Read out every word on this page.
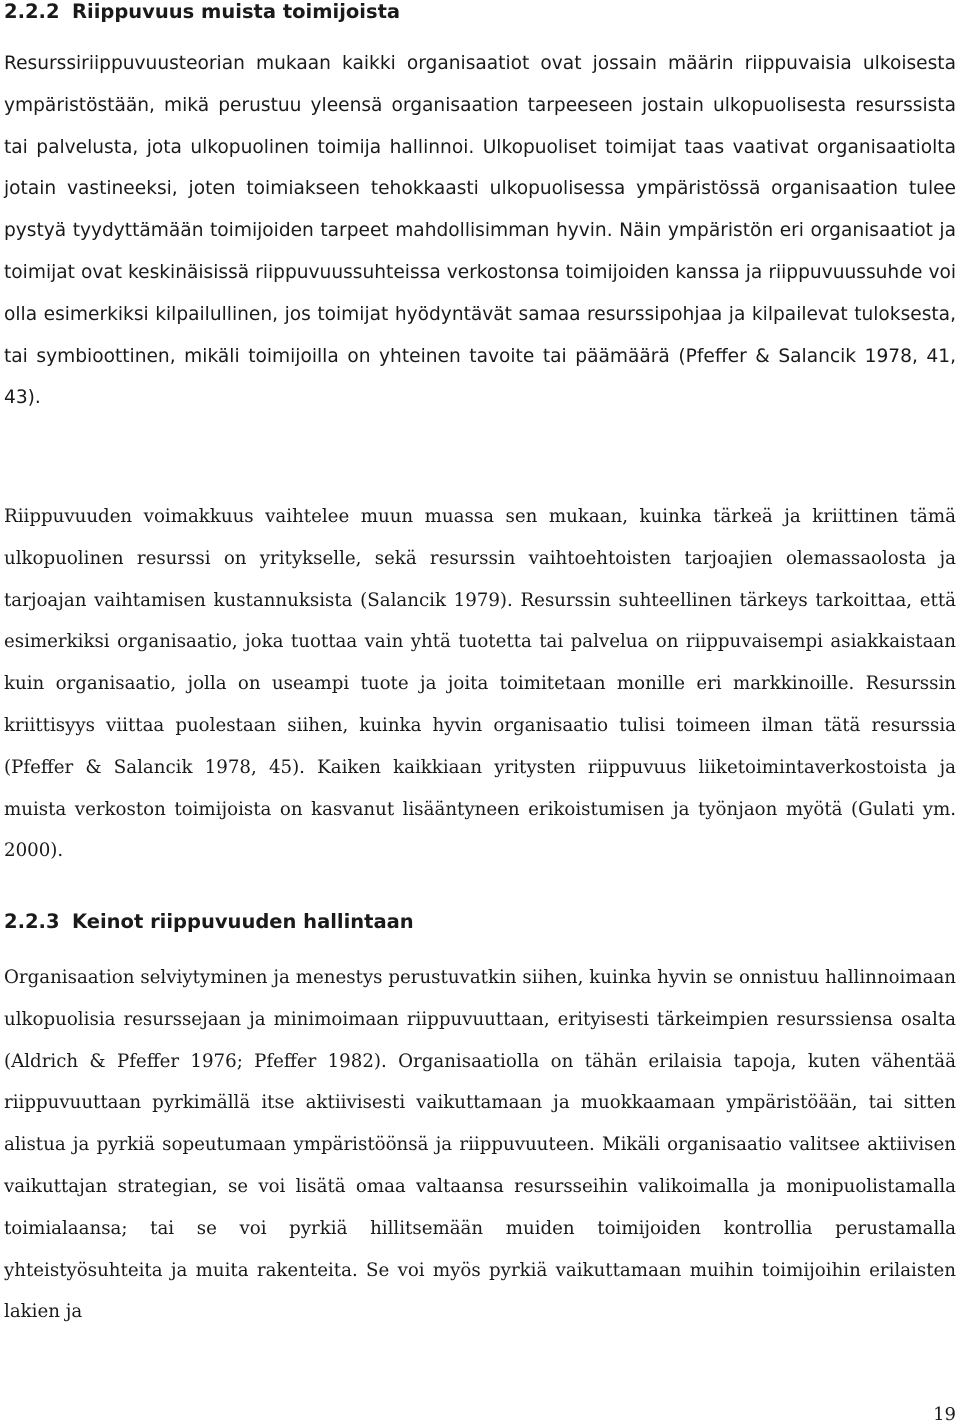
2.2.2 Riippuvuus muista toimijoista

Resurssiriippuvuusteorian mukaan kaikki organisaatiot ovat jossain määrin riippuvaisia ulkoisesta ympäristöstään, mikä perustuu yleensä organisaation tarpeeseen jostain ulkopuolisesta resurssista tai palvelusta, jota ulkopuolinen toimija hallinnoi. Ulkopuoliset toimijat taas vaativat organisaatiolta jotain vastineeksi, joten toimiakseen tehokkaasti ulkopuolisessa ympäristössä organisaation tulee pystyä tyydyttämään toimijoiden tarpeet mahdollisimman hyvin. Näin ympäristön eri organisaatiot ja toimijat ovat keskinäisissä riippuvuussuhteissa verkostonsa toimijoiden kanssa ja riippuvuussuhde voi olla esimerkiksi kilpailullinen, jos toimijat hyödyntävät samaa resurssipohjaa ja kilpailevat tuloksesta, tai symbioottinen, mikäli toimijoilla on yhteinen tavoite tai päämäärä (Pfeffer & Salancik 1978, 41, 43).

Riippuvuuden voimakkuus vaihtelee muun muassa sen mukaan, kuinka tärkeä ja kriittinen tämä ulkopuolinen resurssi on yritykselle, sekä resurssin vaihtoehtoisten tarjoajien olemassaolosta ja tarjoajan vaihtamisen kustannuksista (Salancik 1979). Resurssin suhteellinen tärkeys tarkoittaa, että esimerkiksi organisaatio, joka tuottaa vain yhtä tuotetta tai palvelua on riippuvaisempi asiakkaistaan kuin organisaatio, jolla on useampi tuote ja joita toimitetaan monille eri markkinoille. Resurssin kriittisyys viittaa puolestaan siihen, kuinka hyvin organisaatio tulisi toimeen ilman tätä resurssia (Pfeffer & Salancik 1978, 45). Kaiken kaikkiaan yritysten riippuvuus liiketoimintaverkostoista ja muista verkoston toimijoista on kasvanut lisääntyneen erikoistumisen ja työnjaon myötä (Gulati ym. 2000).

2.2.3 Keinot riippuvuuden hallintaan

Organisaation selviytyminen ja menestys perustuvatkin siihen, kuinka hyvin se onnistuu hallinnoimaan ulkopuolisia resurssejaan ja minimoimaan riippuvuuttaan, erityisesti tärkeimpien resurssiensa osalta (Aldrich & Pfeffer 1976; Pfeffer 1982). Organisaatiolla on tähän erilaisia tapoja, kuten vähentää riippuvuuttaan pyrkimällä itse aktiivisesti vaikuttamaan ja muokkaamaan ympäristöään, tai sitten alistua ja pyrkiä sopeutumaan ympäristöönsä ja riippuvuuteen. Mikäli organisaatio valitsee aktiivisen vaikuttajan strategian, se voi lisätä omaa valtaansa resursseihin valikoimalla ja monipuolistamalla toimialaansa; tai se voi pyrkiä hillitsemään muiden toimijoiden kontrollia perustamalla yhteistyösuhteita ja muita rakenteita. Se voi myös pyrkiä vaikuttamaan muihin toimijoihin erilaisten lakien ja

19
